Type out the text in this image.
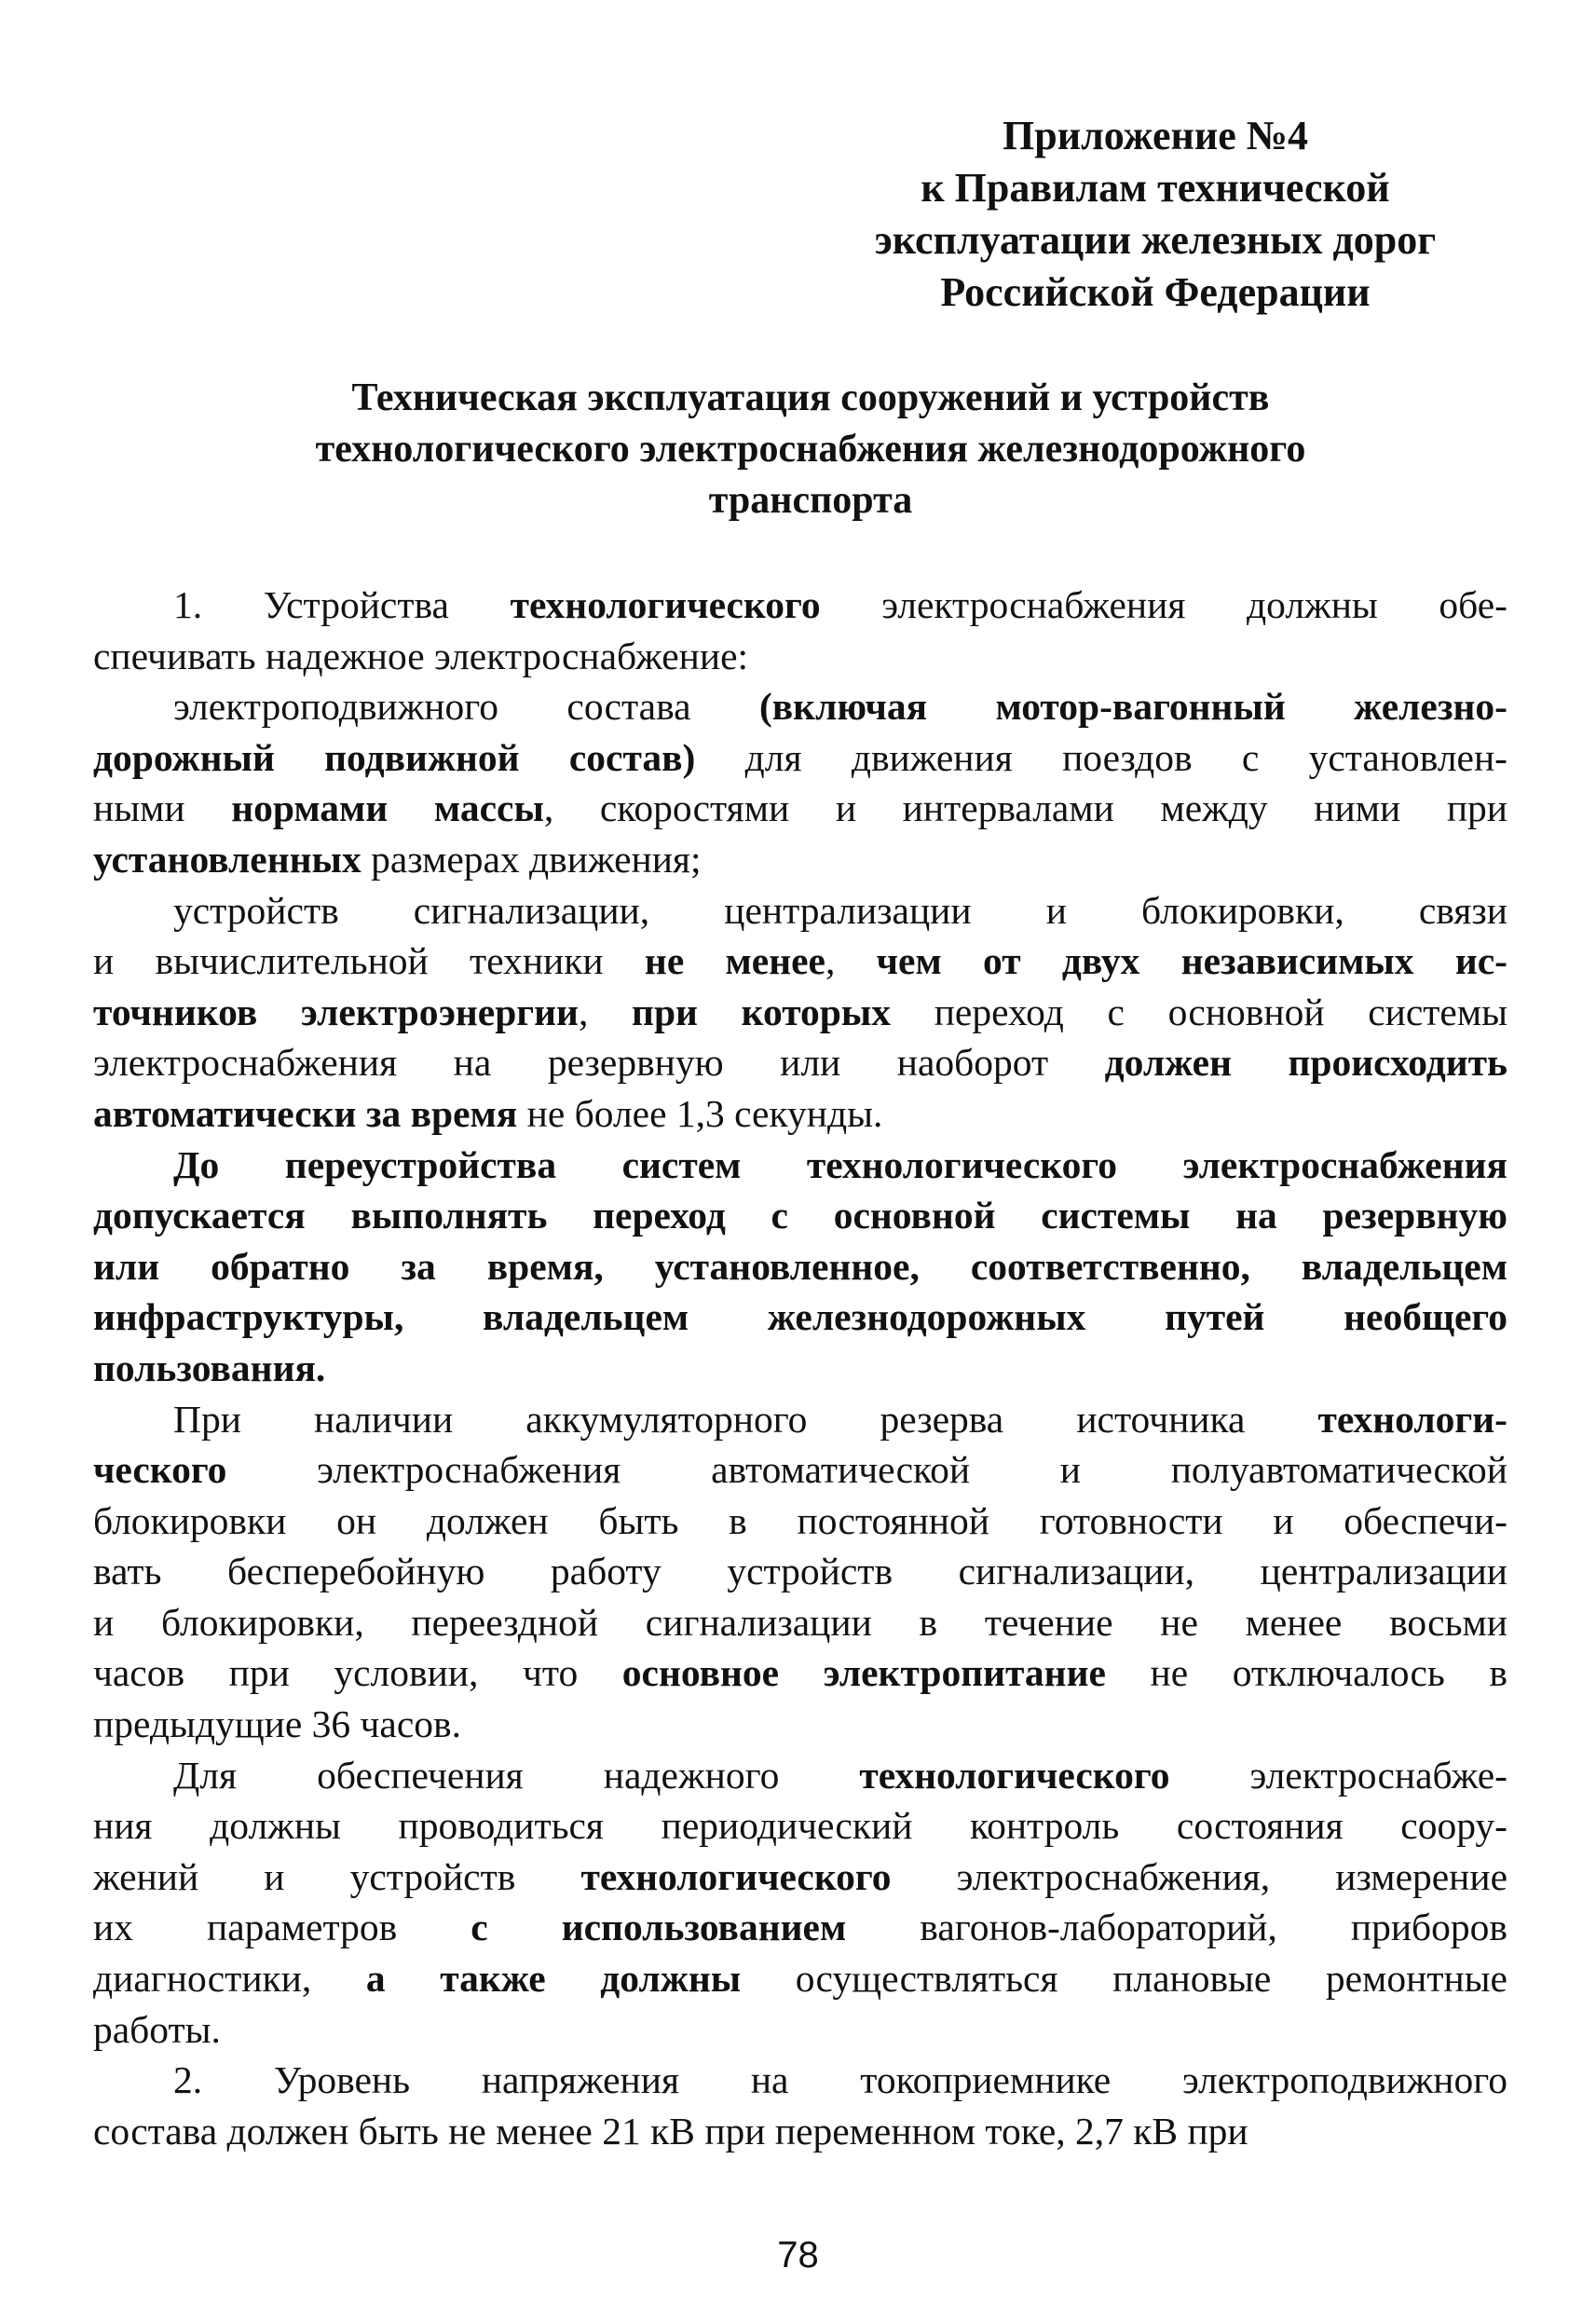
Приложение №4
к Правилам технической
эксплуатации железных дорог
Российской Федерации
Техническая эксплуатация сооружений и устройств
технологического электроснабжения железнодорожного
транспорта
1. Устройства технологического электроснабжения должны обе-
спечивать надежное электроснабжение:
электроподвижного состава (включая мотор-вагонный железно-
дорожный подвижной состав) для движения поездов с установлен-
ными нормами массы, скоростями и интервалами между ними при
установленных размерах движения;
устройств сигнализации, централизации и блокировки, связи
и вычислительной техники не менее, чем от двух независимых ис-
точников электроэнергии, при которых переход с основной системы
электроснабжения на резервную или наоборот должен происходить
автоматически за время не более 1,3 секунды.
До переустройства систем технологического электроснабжения
допускается выполнять переход с основной системы на резервную
или обратно за время, установленное, соответственно, владельцем
инфраструктуры, владельцем железнодорожных путей необщего
пользования.
При наличии аккумуляторного резерва источника технологи-
ческого электроснабжения автоматической и полуавтоматической
блокировки он должен быть в постоянной готовности и обеспечи-
вать бесперебойную работу устройств сигнализации, централизации
и блокировки, переездной сигнализации в течение не менее восьми
часов при условии, что основное электропитание не отключалось в
предыдущие 36 часов.
Для обеспечения надежного технологического электроснабже-
ния должны проводиться периодический контроль состояния соору-
жений и устройств технологического электроснабжения, измерение
их параметров с использованием вагонов-лабораторий, приборов
диагностики, а также должны осуществляться плановые ремонтные
работы.
2. Уровень напряжения на токоприемнике электроподвижного
состава должен быть не менее 21 кВ при переменном токе, 2,7 кВ при
78
